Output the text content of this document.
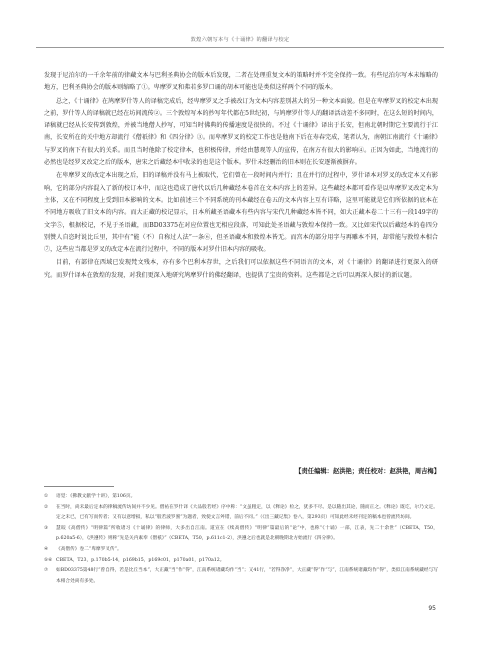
敦煌六朝写本与《十诵律》的翻译与校定

发现于尼泊尔的一千余年前的律藏文本与巴利圣典协会的版本后发现，二者在处理重复文本的策略时并不完全保持一致。有些尼泊尔写本未缩略的地方，巴利圣典协会的版本则缩略了①。卑摩罗叉和弗若多罗口诵的胡本可能也是类似这样两个不同的版本。

总之，《十诵律》在鸠摩罗什等人的译稿完成后，经卑摩罗叉之手被改订为文本内容差别甚大的另一种文本面貌。但是在卑摩罗叉的校定本出现之前，罗什等人的译稿就已经在坊间流传②。三个敦煌写本的抄写年代都在5世纪初，与鸠摩罗什等人的翻译活动差不多同时，在这么短的时间内，译稿就已经从长安传到敦煌，并被当地僧人抄写，可知当时佛典的传播速度是很快的。不过《十诵律》译出于长安，但南北朝时期它主要流行于江南，长安所在的关中地方却流行《僧祇律》和《四分律》③。而卑摩罗叉的校定工作也是他南下后在寿春完成，笔者认为，南朝江南流行《十诵律》与罗叉的南下有很大的关系。而且当时他除了校定律本，也积极传律，并经由慧观等人的宣传，在南方有很大的影响④。正因为如此，当地流行的必然也是经罗叉改定之后的版本，唐宋之后藏经本中收录的也是这个版本。罗什未经删治的旧本则在长安逐渐被摒弃。

在卑摩罗叉的改定本出现之后，旧的译稿并没有马上被取代，它们曾在一段时间内并行；且在并行的过程中，罗什译本对罗叉的改定本又有影响，它的部分内容混入了新的校订本中，而这也造成了唐代以后几种藏经本卷首在文本内容上的差异。这些藏经本都可看作是以卑摩罗叉改定本为主体，又在不同程度上受到旧本影响的文本。比如前述三个不同系统的刊本藏经在卷五的文本内容上互有详略，这里可能就是它们所依据的底本在不同地方吸收了旧文本的内容。而大正藏的校记显示，日本所藏圣语藏本有些内容与宋代几种藏经本皆不同，如大正藏本卷二十三有一段149字的文字⑤，根据校记，不见于圣语藏，而BD03375在对应位置也无相应段落，可知此处圣语藏与敦煌本保持一致。又比如宋代以后藏经本的卷四分别赞人自恣时说比丘里，其中有“能（不）自称过人法”一条⑥，但圣语藏本和敦煌本皆无。而宫本的部分用字与再雕本不同，却常能与敦煌本相合⑦，这些应当都是罗叉的改定本在流行过程中，不同的版本对罗什旧本内容的吸收。

目前，有部律在西域已发现梵文残本，亦有多个巴利本存世，之后我们可以依据这些不同语言的文本，对《十诵律》的翻译进行更深入的研究。而罗什译本在敦煌的发现，对我们更深入地研究鸠摩罗什的佛经翻译，也提供了宝贵的资料。这些都是之后可以再深入探讨的新议题。

【责任编辑：赵洪艳；责任校对：赵洪艳，周吉梅】
①	语觉：《佛教文献学十讲》，第106页。
②	在当时，尚未最后定本的律稿流传坊间并不少见。僧祐在罗什译《大品般若经》序中称：“文虽粗定，以《释论》检之，犹多不尽。是以随出其论，随而正之。《释论》既讫，尔乃文定。定之未已，已有写而传者；又有以意增损，私以“般若波罗蜜”为题者，致使文言舛错，前后不同。”（《出三藏记集》卷八，第293页）可知此经未经刊定的稿本也曾流传坊间。
③	慧皎《高僧传》“明律篇”所收诸习《十诵律》的律师，大多出自江南。道宣在《续高僧传》“明律”篇最后的“论”中，也称“《十诵》一部，江表，先二十余世”（CBETA，T50，p.620a5-6），《洪遵传》则称“先是关内素奉《僧祇》”（CBETA，T50，p.611c1-2），洪遵之后也就是北朝晚期北方始流行《四分律》。
④	《高僧传》卷二“卑摩罗叉传”。
⑤⑥ CBETA，T23，p.170b5-14，p169b15，p169c01，p170a01，p170a12。
⑦	如BD03375第48行“曾自得，若是比丘当本”，大正藏“当”作“得”，江南系统诸藏均作“当”；又41行，“若得净净”，大正藏“得”作“与”，江南系统诸藏均作“得”，类似江南系统藏经与写本相合处尚有多处。
95
